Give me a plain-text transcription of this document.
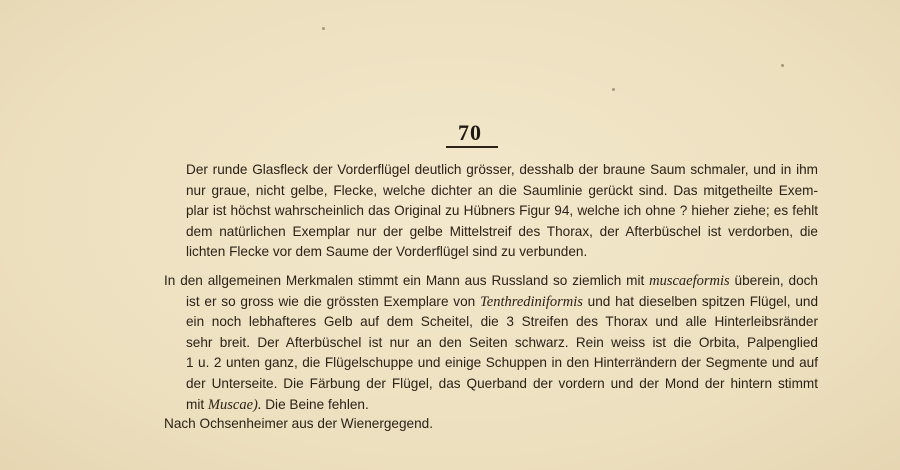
70
Der runde Glasfleck der Vorderflügel deutlich grösser, desshalb der braune Saum schmaler, und in ihm
nur graue, nicht gelbe, Flecke, welche dichter an die Saumlinie gerückt sind. Das mitgetheilte Exem-
plar ist höchst wahrscheinlich das Original zu Hübners Figur 94, welche ich ohne ? hieher ziehe; es fehlt
dem natürlichen Exemplar nur der gelbe Mittelstreif des Thorax, der Afterbüschel ist verdorben, die
lichten Flecke vor dem Saume der Vorderflügel sind zu verbunden.
In den allgemeinen Merkmalen stimmt ein Mann aus Russland so ziemlich mit muscaeformis überein, doch
ist er so gross wie die grössten Exemplare von Tenthrediniformis und hat dieselben spitzen Flügel, und
ein noch lebhafteres Gelb auf dem Scheitel, die 3 Streifen des Thorax und alle Hinterleibsränder
sehr breit. Der Afterbüschel ist nur an den Seiten schwarz. Rein weiss ist die Orbita, Palpenglied
1 u. 2 unten ganz, die Flügelschuppe und einige Schuppen in den Hinterrändern der Segmente und auf
der Unterseite. Die Färbung der Flügel, das Querband der vordern und der Mond der hintern stimmt
mit Muscae). Die Beine fehlen.
Nach Ochsenheimer aus der Wienergegend.
